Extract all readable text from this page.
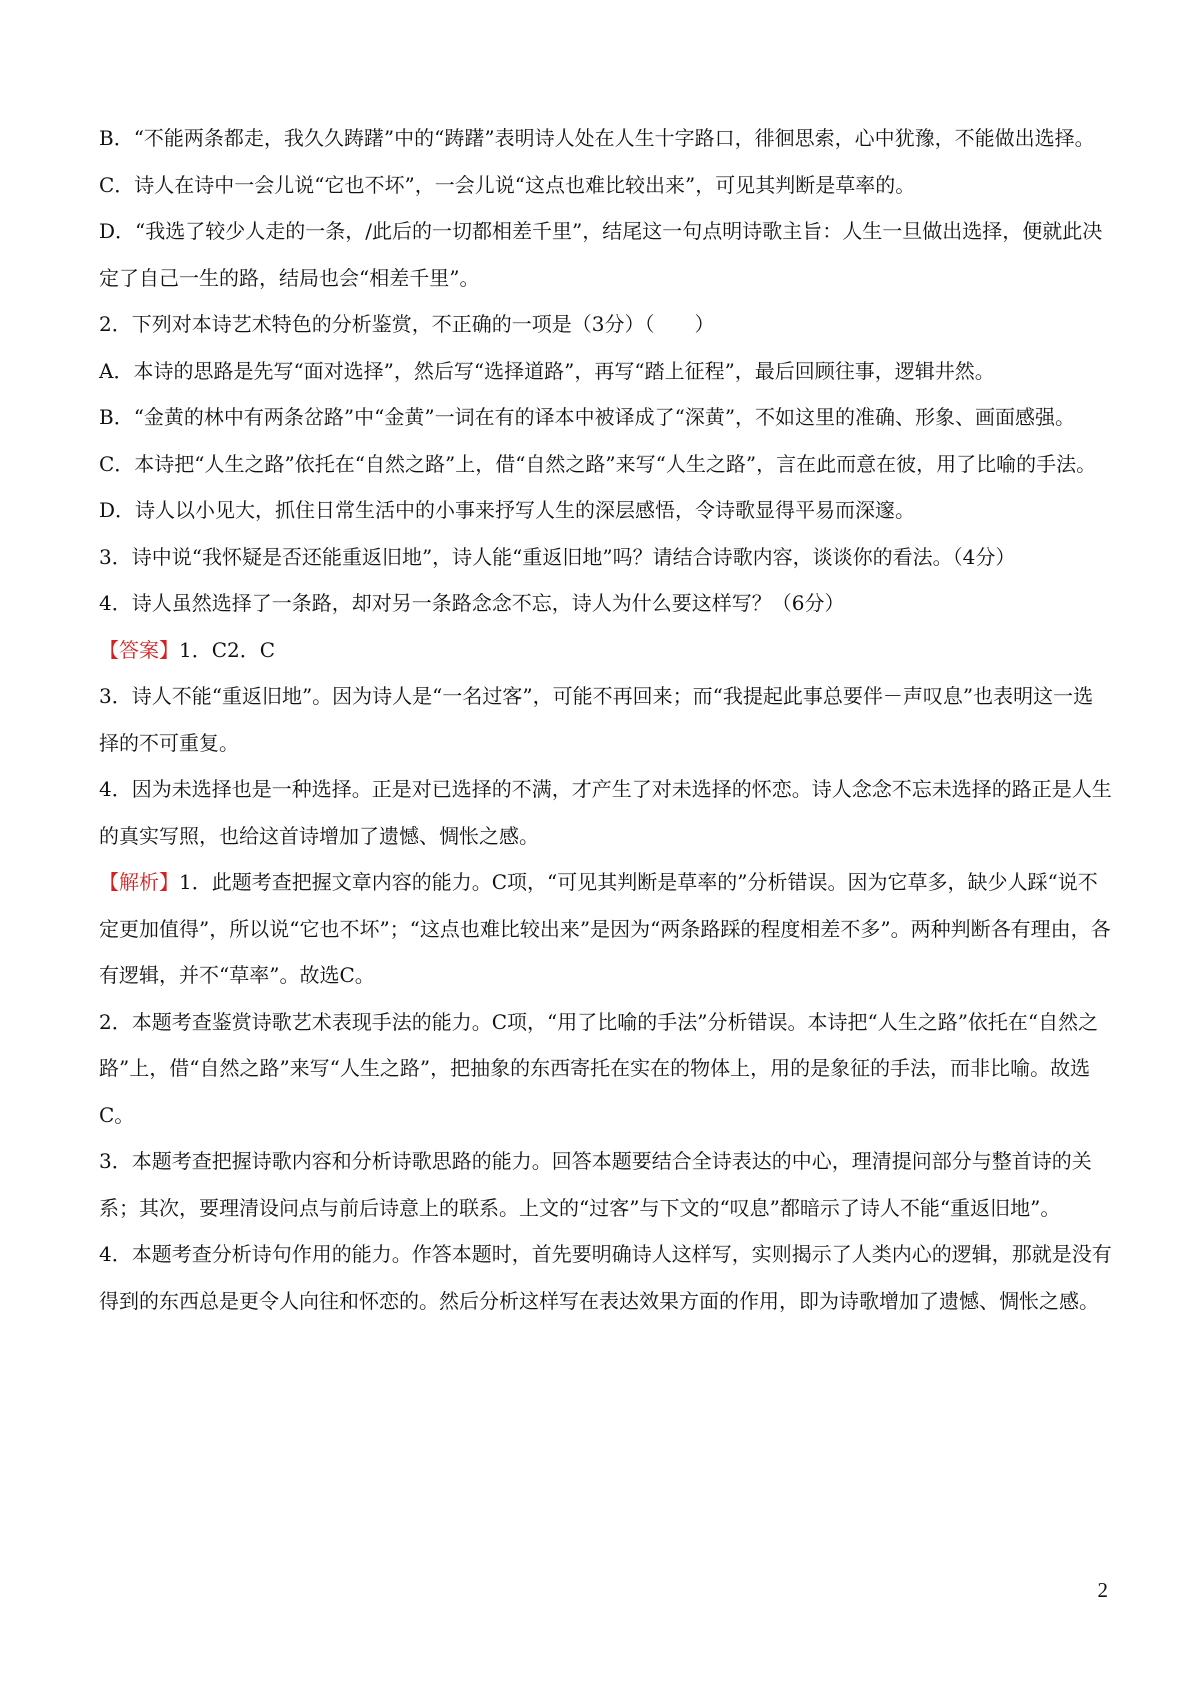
B．“不能两条都走，我久久踌躇”中的“踌躇”表明诗人处在人生十字路口，徘徊思索，心中犹豫，不能做出选择。

C．诗人在诗中一会儿说“它也不坏”，一会儿说“这点也难比较出来”，可见其判断是草率的。

D．“我选了较少人走的一条，/此后的一切都相差千里”，结尾这一句点明诗歌主旨：人生一旦做出选择，便就此决定了自己一生的路，结局也会“相差千里”。

2．下列对本诗艺术特色的分析鉴赏，不正确的一项是（3分）（　　）

A．本诗的思路是先写“面对选择”，然后写“选择道路”，再写“踏上征程”，最后回顾往事，逻辑井然。

B．“金黄的林中有两条岔路”中“金黄”一词在有的译本中被译成了“深黄”，不如这里的准确、形象、画面感强。

C．本诗把“人生之路”依托在“自然之路”上，借“自然之路”来写“人生之路”，言在此而意在彼，用了比喻的手法。

D．诗人以小见大，抓住日常生活中的小事来抒写人生的深层感悟，令诗歌显得平易而深邃。

3．诗中说“我怀疑是否还能重返旧地”，诗人能“重返旧地”吗？请结合诗歌内容，谈谈你的看法。（4分）

4．诗人虽然选择了一条路，却对另一条路念念不忘，诗人为什么要这样写？（6分）

【答案】1．C2．C

3．诗人不能“重返旧地”。因为诗人是“一名过客”，可能不再回来；而“我提起此事总要伴－声叹息”也表明这一选择的不可重复。

4．因为未选择也是一种选择。正是对已选择的不满，才产生了对未选择的怀恋。诗人念念不忘未选择的路正是人生的真实写照，也给这首诗增加了遗憾、惆怅之感。

【解析】1．此题考查把握文章内容的能力。C项，“可见其判断是草率的”分析错误。因为它草多，缺少人踩“说不定更加值得”，所以说“它也不坏”；“这点也难比较出来”是因为“两条路踩的程度相差不多”。两种判断各有理由，各有逻辑，并不“草率”。故选C。

2．本题考查鉴赏诗歌艺术表现手法的能力。C项，“用了比喻的手法”分析错误。本诗把“人生之路”依托在“自然之路”上，借“自然之路”来写“人生之路”，把抽象的东西寄托在实在的物体上，用的是象征的手法，而非比喻。故选C。

3．本题考查把握诗歌内容和分析诗歌思路的能力。回答本题要结合全诗表达的中心，理清提问部分与整首诗的关系；其次，要理清设问点与前后诗意上的联系。上文的“过客”与下文的“叹息”都暗示了诗人不能“重返旧地”。

4．本题考查分析诗句作用的能力。作答本题时，首先要明确诗人这样写，实则揭示了人类内心的逻辑，那就是没有得到的东西总是更令人向往和怀恋的。然后分析这样写在表达效果方面的作用，即为诗歌增加了遗憾、惆怅之感。

2
